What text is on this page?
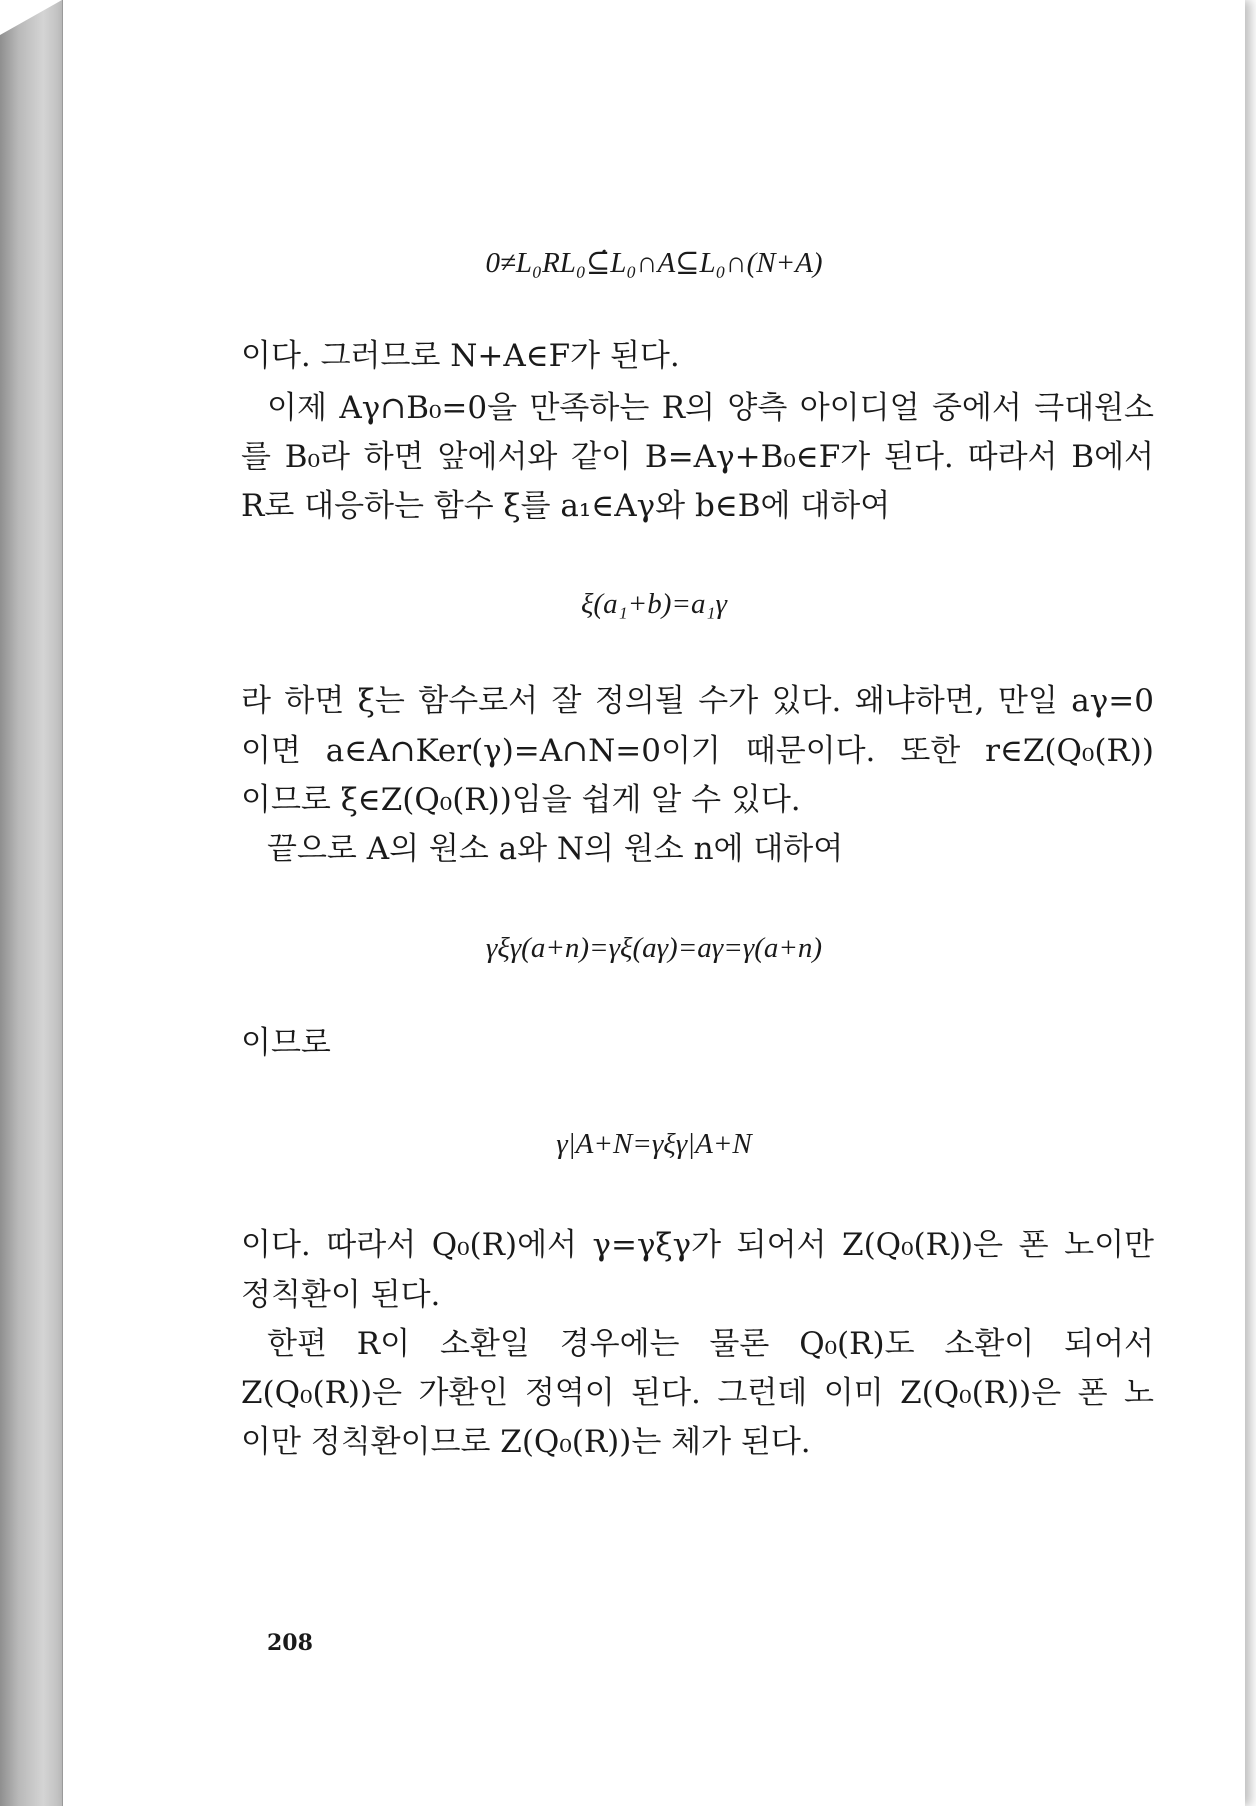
0≠L₀RL₀⊆̇L₀∩A⊆L₀∩(N+A)

이다. 그러므로 N+A∈F가 된다.

이제 Aγ∩B₀=0을 만족하는 R의 양측 아이디얼 중에서 극대원소

를 B₀라 하면 앞에서와 같이 B=Aγ+B₀∈F가 된다. 따라서 B에서

R로 대응하는 함수 ξ를 a₁∈Aγ와 b∈B에 대하여

ξ(a₁+b)=a₁γ

라 하면 ξ는 함수로서 잘 정의될 수가 있다. 왜냐하면, 만일 aγ=0

이면 a∈A∩Ker(γ)=A∩N=0이기 때문이다. 또한 r∈Z(Q₀(R))

이므로 ξ∈Z(Q₀(R))임을 쉽게 알 수 있다.

끝으로 A의 원소 a와 N의 원소 n에 대하여

γξγ(a+n)=γξ(aγ)=aγ=γ(a+n)

이므로

γ|A+N=γξγ|A+N

이다. 따라서 Q₀(R)에서 γ=γξγ가 되어서 Z(Q₀(R))은 폰 노이만

정칙환이 된다.

한편 R이 소환일 경우에는 물론 Q₀(R)도 소환이 되어서

Z(Q₀(R))은 가환인 정역이 된다. 그런데 이미 Z(Q₀(R))은 폰 노

이만 정칙환이므로 Z(Q₀(R))는 체가 된다.

208
